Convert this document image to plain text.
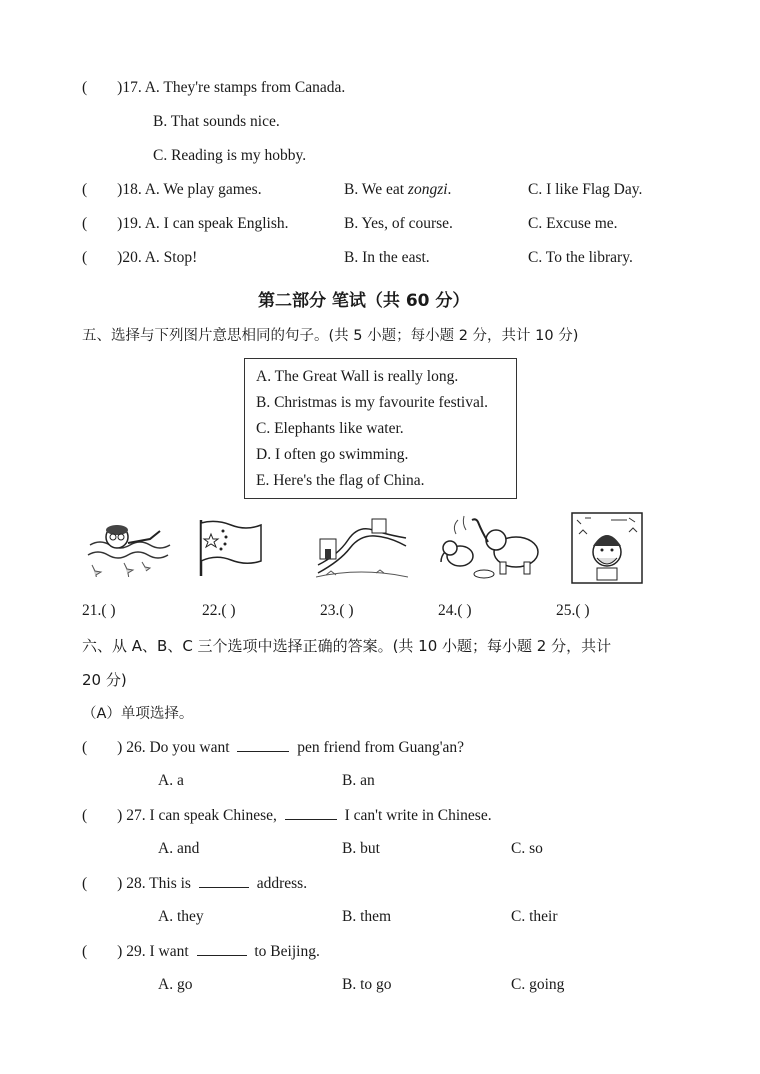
( )17. A. They're stamps from Canada.
B. That sounds nice.
C. Reading is my hobby.
( )18. A. We play games.	B. We eat zongzi.	C. I like Flag Day.
( )19. A. I can speak English.	B. Yes, of course.	C. Excuse me.
( )20. A. Stop!	B. In the east.	C. To the library.
第二部分 笔试（共 60 分）
五、选择与下列图片意思相同的句子。(共 5 小题；每小题 2 分，共计 10 分)
A. The Great Wall is really long.
B. Christmas is my favourite festival.
C. Elephants like water.
D. I often go swimming.
E. Here's the flag of China.
21.( )	22.( )	23.( )	24.( )	25.( )
六、从 A、B、C 三个选项中选择正确的答案。(共 10 小题；每小题 2 分，共计
20 分)
（A）单项选择。
( ) 26. Do you want	pen friend from Guang'an?
A. a	B. an
( ) 27. I can speak Chinese,	I can't write in Chinese.
A. and	B. but	C. so
( ) 28. This is	address.
A. they	B. them	C. their
( ) 29. I want	to Beijing.
A. go	B. to go	C. going
